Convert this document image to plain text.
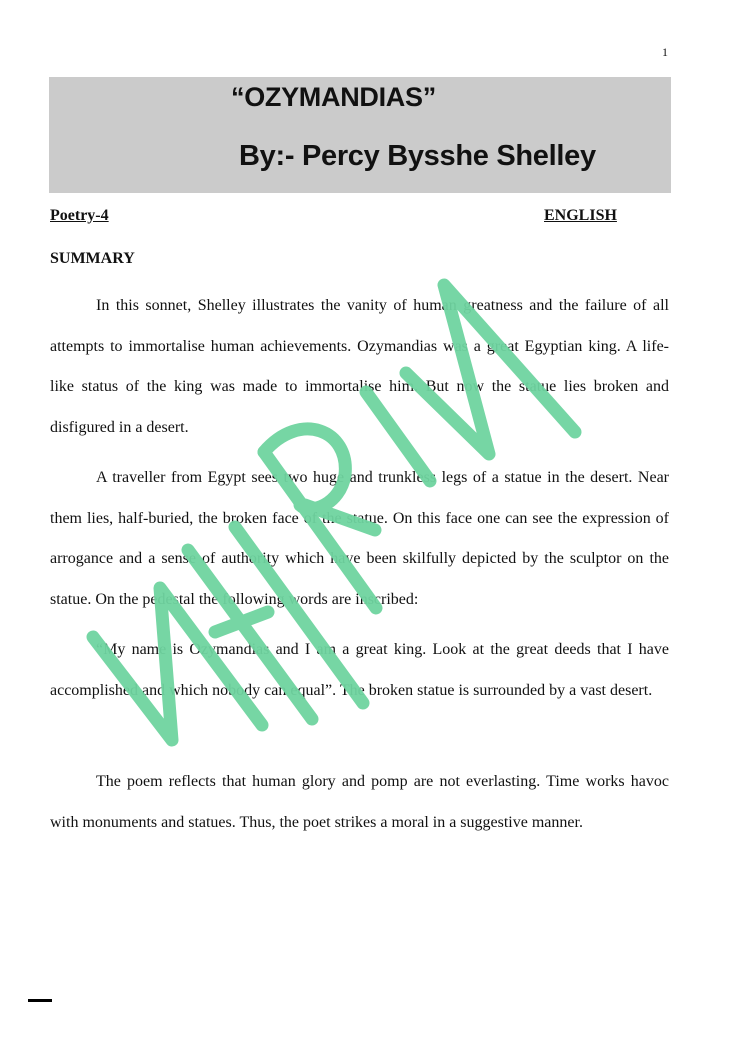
1
“OZYMANDIAS”
By:- Percy Bysshe Shelley
Poetry-4	ENGLISH
SUMMARY

In this sonnet, Shelley illustrates the vanity of human greatness and the failure of all attempts to immortalise human achievements. Ozymandias was a great Egyptian king. A life-like status of the king was made to immortalise him. But now the statue lies broken and disfigured in a desert.

A traveller from Egypt sees two huge and trunkless legs of a statue in the desert. Near them lies, half-buried, the broken face of the statue. On this face one can see the expression of arrogance and a sense of authority which have been skilfully depicted by the sculptor on the statue. On the pedestal the following words are inscribed:

“My name is Ozymandias and I am a great king. Look at the great deeds that I have accomplished and which nobody can equal”. The broken statue is surrounded by a vast desert.

The poem reflects that human glory and pomp are not everlasting. Time works havoc with monuments and statues. Thus, the poet strikes a moral in a suggestive manner.
